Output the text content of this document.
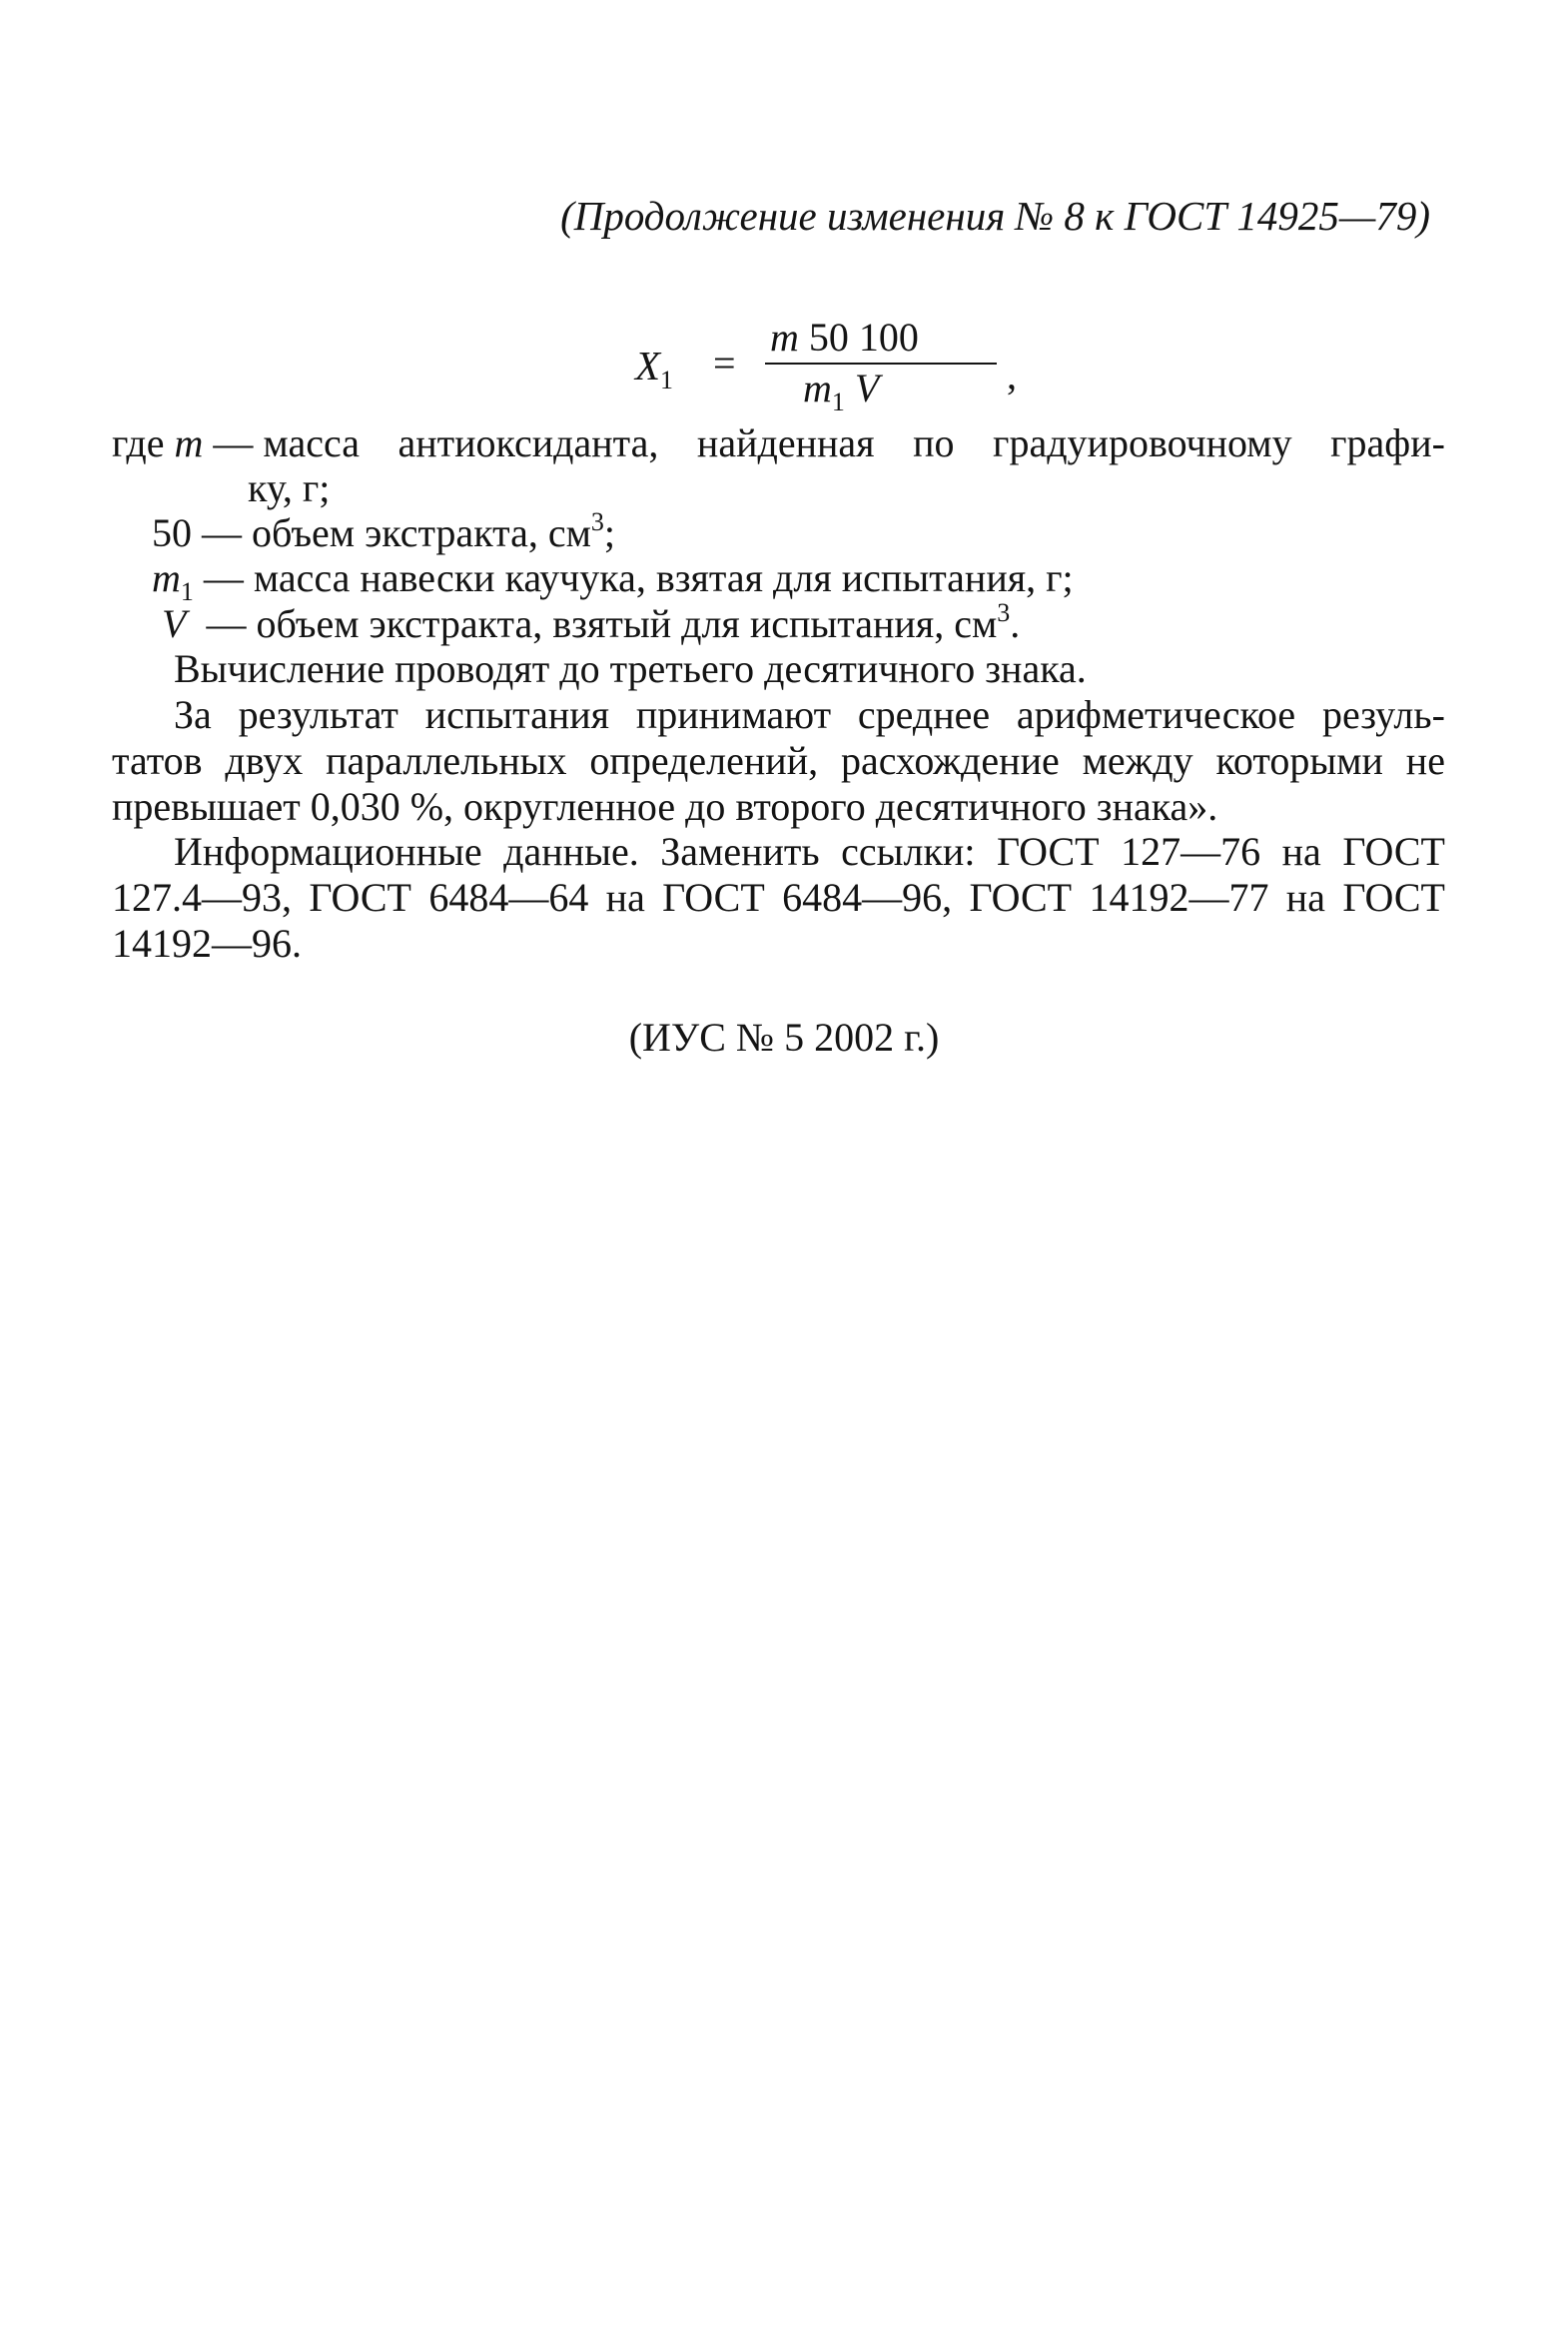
(Продолжение изменения № 8 к ГОСТ 14925—79)
$X_1$ =
m 50 100
$m_1$ V	,
где m — масса антиоксиданта, найденная по градуировочному графи-
ку, г;
50 — объем экстракта, $см^3$;
$m_1$ — масса навески каучука, взятая для испытания, г;
V  — объем экстракта, взятый для испытания, $см^3$.
Вычисление проводят до третьего десятичного знака.
За результат испытания принимают среднее арифметическое резуль-
татов двух параллельных определений, расхождение между которыми не
превышает 0,030 %, округленное до второго десятичного знака».
Информационные данные. Заменить ссылки: ГОСТ 127—76 на ГОСТ
127.4—93, ГОСТ 6484—64 на ГОСТ 6484—96, ГОСТ 14192—77 на ГОСТ
14192—96.
(ИУС № 5 2002 г.)
